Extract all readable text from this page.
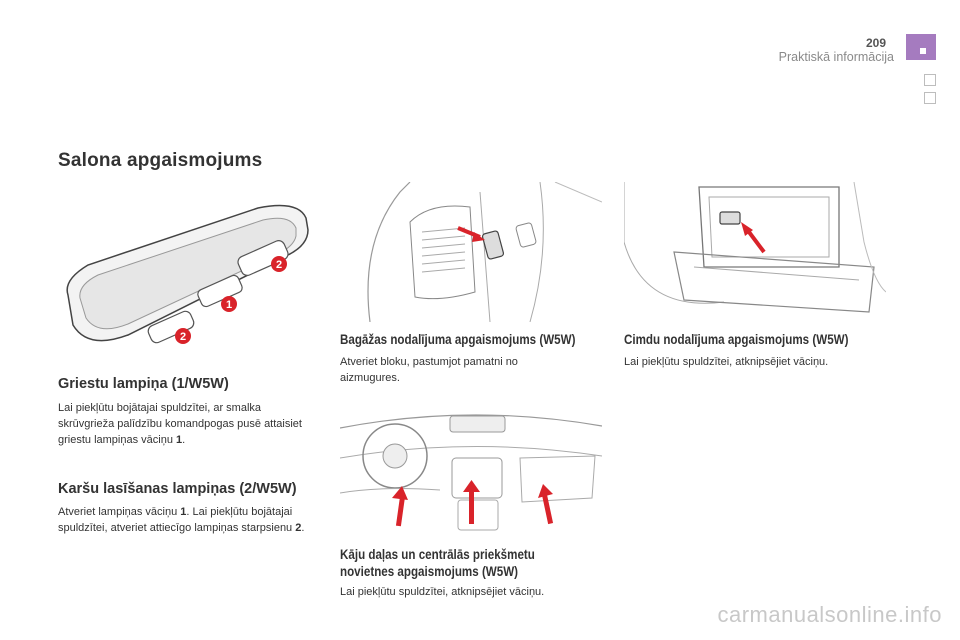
209
Praktiskā informācija
Salona apgaismojums
2
1
2
Griestu lampiņa (1/W5W)
Lai piekļūtu bojātajai spuldzītei, ar smalka skrūvgrieža palīdzību komandpogas pusē attaisiet griestu lampiņas vāciņu 1.
Karšu lasīšanas lampiņas (2/W5W)
Atveriet lampiņas vāciņu 1. Lai piekļūtu bojātajai spuldzītei, atveriet attiecīgo lampiņas starpsienu 2.
Bagāžas nodalījuma apgaismojums (W5W)
Atveriet bloku, pastumjot pamatni no aizmugures.
Kāju daļas un centrālās priekšmetu
novietnes apgaismojums (W5W)
Lai piekļūtu spuldzītei, atknipsējiet vāciņu.
Cimdu nodalījuma apgaismojums (W5W)
Lai piekļūtu spuldzītei, atknipsējiet vāciņu.
carmanualsonline.info
